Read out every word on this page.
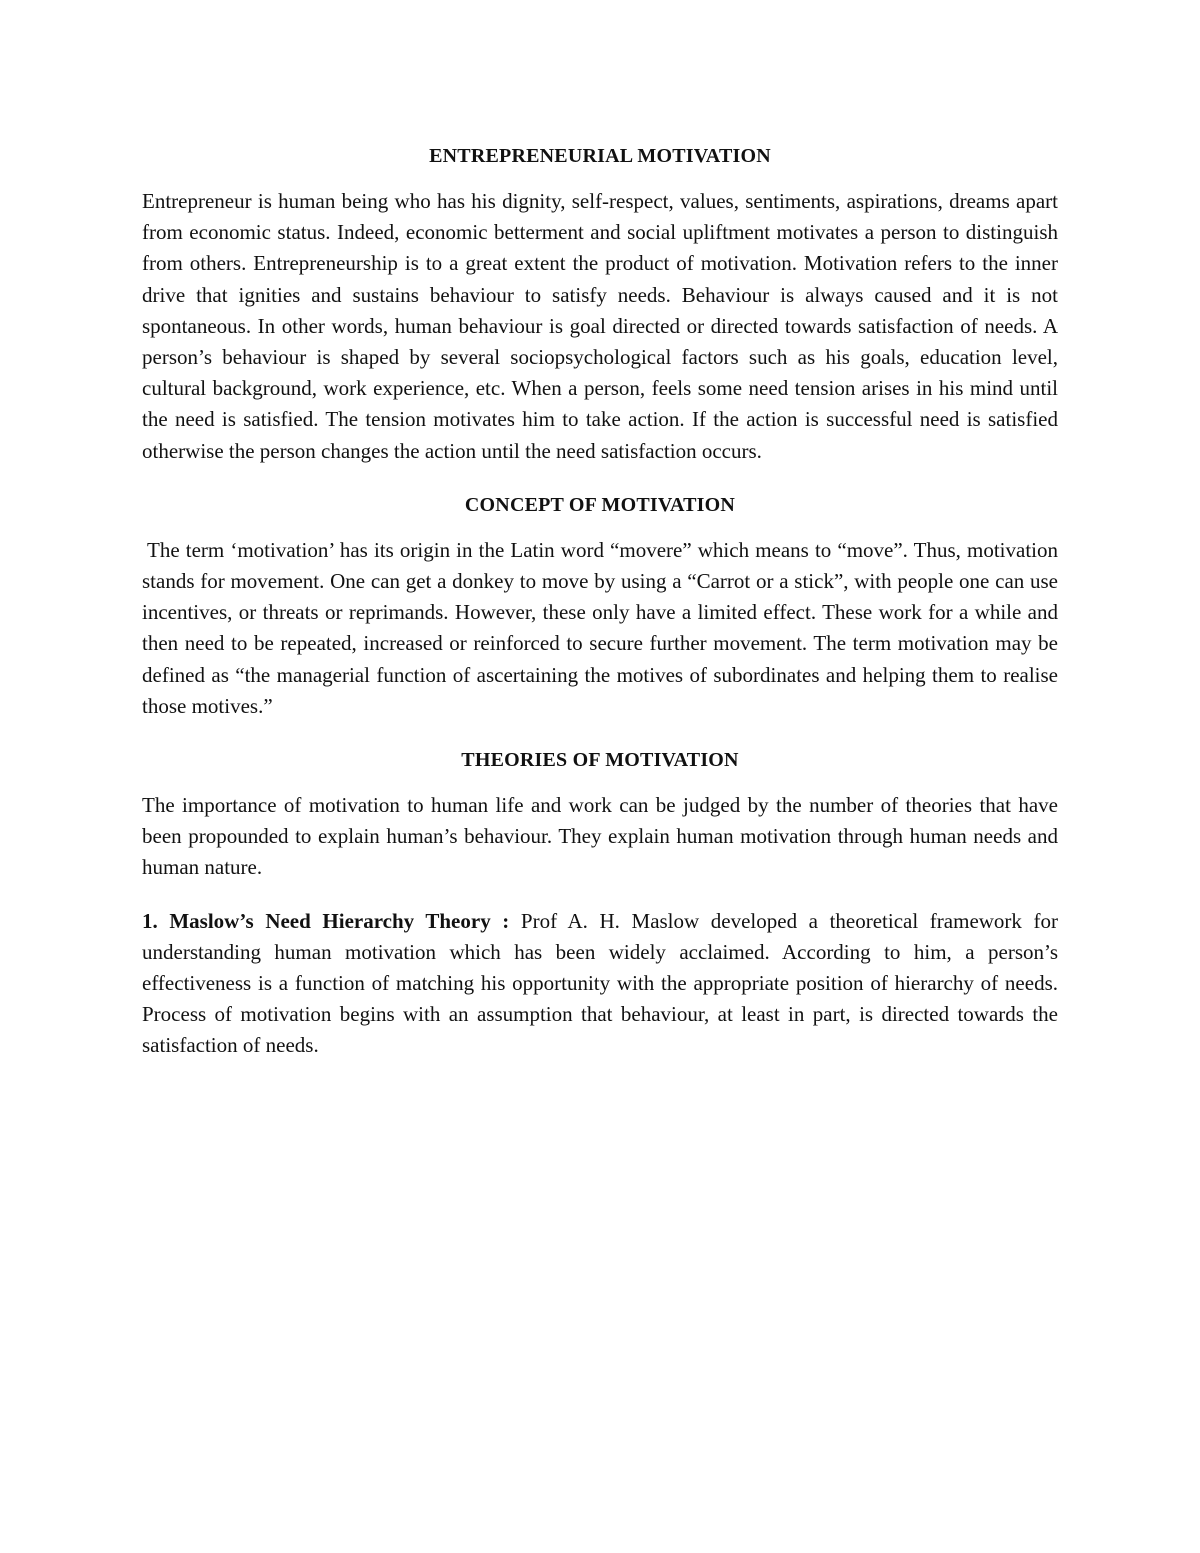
ENTREPRENEURIAL MOTIVATION

Entrepreneur is human being who has his dignity, self-respect, values, sentiments, aspirations, dreams apart from economic status. Indeed, economic betterment and social upliftment motivates a person to distinguish from others. Entrepreneurship is to a great extent the product of motivation. Motivation refers to the inner drive that ignities and sustains behaviour to satisfy needs. Behaviour is always caused and it is not spontaneous. In other words, human behaviour is goal directed or directed towards satisfaction of needs. A person’s behaviour is shaped by several sociopsychological factors such as his goals, education level, cultural background, work experience, etc. When a person, feels some need tension arises in his mind until the need is satisfied. The tension motivates him to take action. If the action is successful need is satisfied otherwise the person changes the action until the need satisfaction occurs.

CONCEPT OF MOTIVATION

The term ‘motivation’ has its origin in the Latin word “movere” which means to “move”. Thus, motivation stands for movement. One can get a donkey to move by using a “Carrot or a stick”, with people one can use incentives, or threats or reprimands. However, these only have a limited effect. These work for a while and then need to be repeated, increased or reinforced to secure further movement. The term motivation may be defined as “the managerial function of ascertaining the motives of subordinates and helping them to realise those motives.”

THEORIES OF MOTIVATION

The importance of motivation to human life and work can be judged by the number of theories that have been propounded to explain human’s behaviour. They explain human motivation through human needs and human nature.

1. Maslow’s Need Hierarchy Theory : Prof A. H. Maslow developed a theoretical framework for understanding human motivation which has been widely acclaimed. According to him, a person’s effectiveness is a function of matching his opportunity with the appropriate position of hierarchy of needs. Process of motivation begins with an assumption that behaviour, at least in part, is directed towards the satisfaction of needs.
